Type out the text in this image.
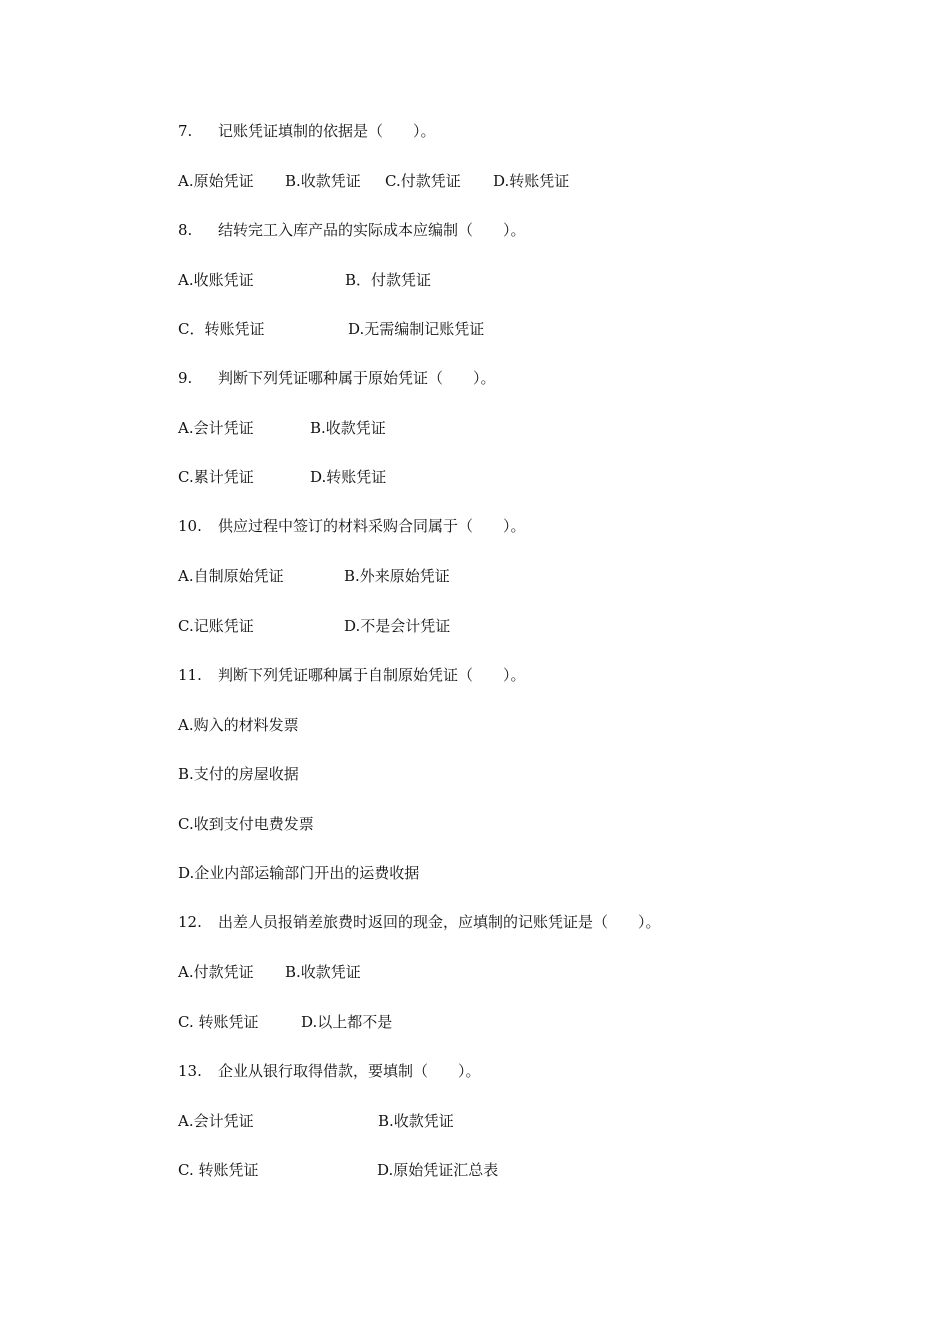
7. 记账凭证填制的依据是（　　）。
A.原始凭证 B.收款凭证 C.付款凭证 D.转账凭证
8. 结转完工入库产品的实际成本应编制（　　）。
A.收账凭证	B．付款凭证
C．转账凭证	D.无需编制记账凭证
9. 判断下列凭证哪种属于原始凭证（　　）。
A.会计凭证	B.收款凭证
C.累计凭证	D.转账凭证
10. 供应过程中签订的材料采购合同属于（　　）。
A.自制原始凭证	B.外来原始凭证
C.记账凭证	D.不是会计凭证
11. 判断下列凭证哪种属于自制原始凭证（　　）。
A.购入的材料发票
B.支付的房屋收据
C.收到支付电费发票
D.企业内部运输部门开出的运费收据
12. 出差人员报销差旅费时返回的现金，应填制的记账凭证是（　　）。
A.付款凭证 B.收款凭证
C. 转账凭证	D.以上都不是
13. 企业从银行取得借款，要填制（　　）。
A.会计凭证	B.收款凭证
C. 转账凭证	D.原始凭证汇总表
